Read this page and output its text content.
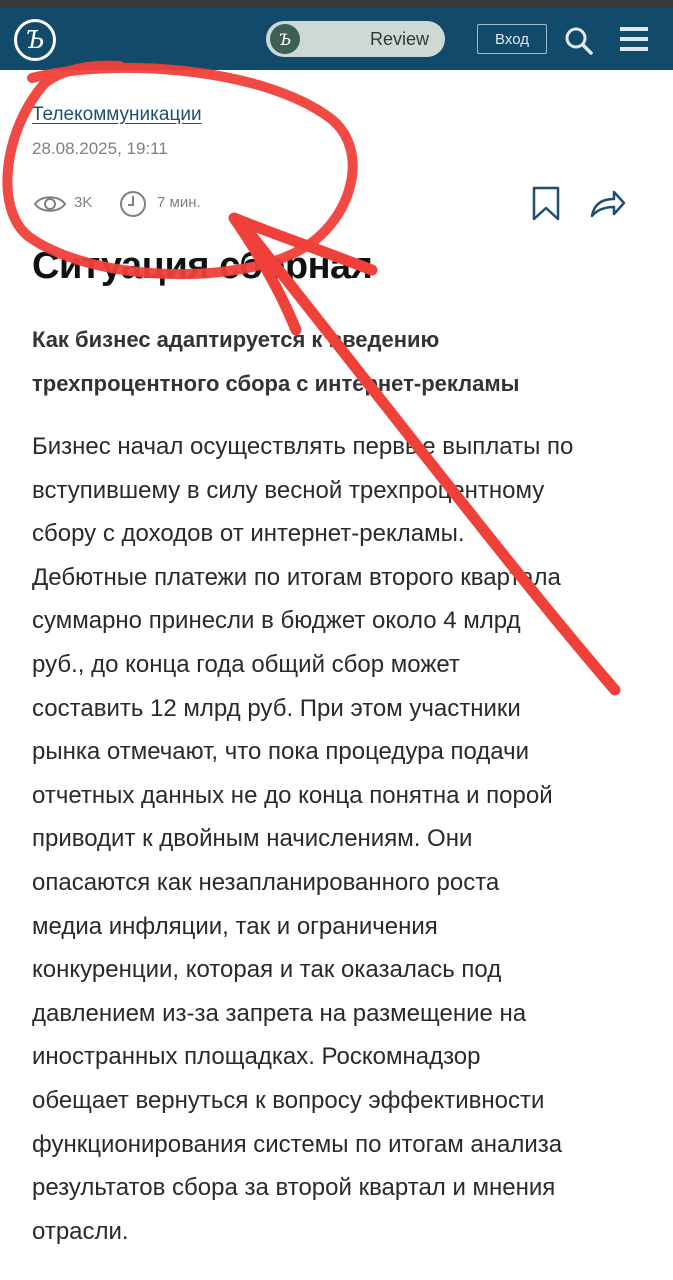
Ъ	Ъ	Review	Вход
Телекоммуникации
28.08.2025, 19:11
3K	7 мин.
Ситуация сборная
Как бизнес адаптируется к введению
трехпроцентного сбора с интернет-рекламы
Бизнес начал осуществлять первые выплаты по
вступившему в силу весной трехпроцентному
сбору с доходов от интернет-рекламы.
Дебютные платежи по итогам второго квартала
суммарно принесли в бюджет около 4 млрд
руб., до конца года общий сбор может
составить 12 млрд руб. При этом участники
рынка отмечают, что пока процедура подачи
отчетных данных не до конца понятна и порой
приводит к двойным начислениям. Они
опасаются как незапланированного роста
медиа инфляции, так и ограничения
конкуренции, которая и так оказалась под
давлением из-за запрета на размещение на
иностранных площадках. Роскомнадзор
обещает вернуться к вопросу эффективности
функционирования системы по итогам анализа
результатов сбора за второй квартал и мнения
отрасли.
